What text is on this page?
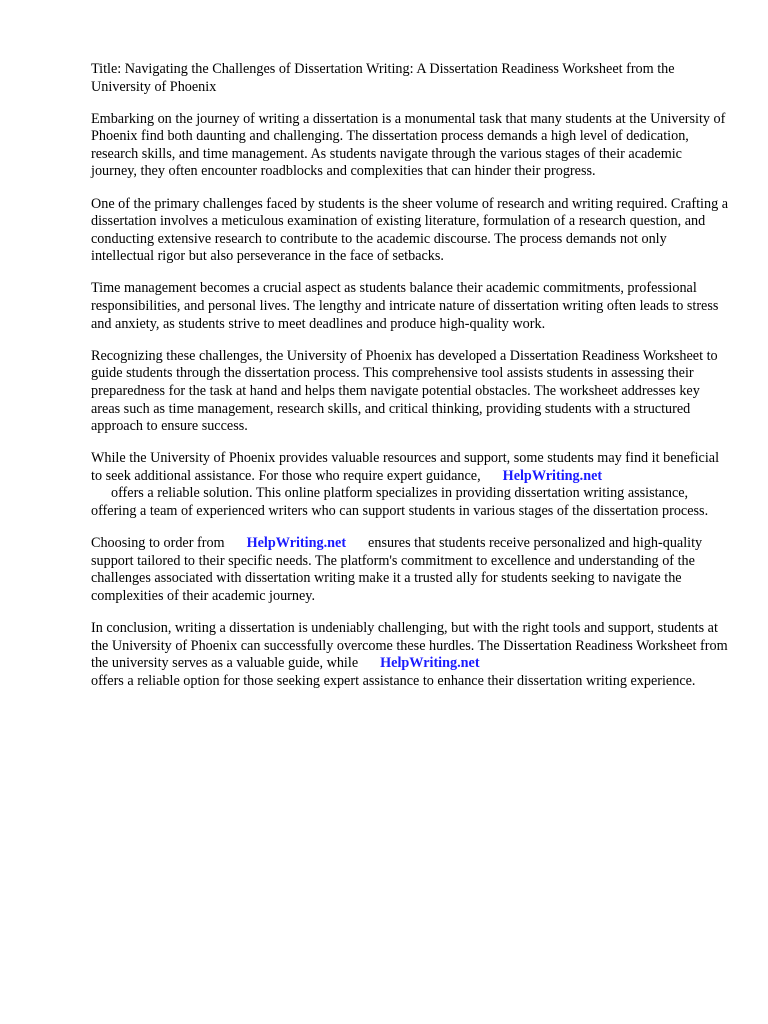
Title: Navigating the Challenges of Dissertation Writing: A Dissertation Readiness Worksheet from the University of Phoenix

Embarking on the journey of writing a dissertation is a monumental task that many students at the University of Phoenix find both daunting and challenging. The dissertation process demands a high level of dedication, research skills, and time management. As students navigate through the various stages of their academic journey, they often encounter roadblocks and complexities that can hinder their progress.

One of the primary challenges faced by students is the sheer volume of research and writing required. Crafting a dissertation involves a meticulous examination of existing literature, formulation of a research question, and conducting extensive research to contribute to the academic discourse. The process demands not only intellectual rigor but also perseverance in the face of setbacks.

Time management becomes a crucial aspect as students balance their academic commitments, professional responsibilities, and personal lives. The lengthy and intricate nature of dissertation writing often leads to stress and anxiety, as students strive to meet deadlines and produce high-quality work.

Recognizing these challenges, the University of Phoenix has developed a Dissertation Readiness Worksheet to guide students through the dissertation process. This comprehensive tool assists students in assessing their preparedness for the task at hand and helps them navigate potential obstacles. The worksheet addresses key areas such as time management, research skills, and critical thinking, providing students with a structured approach to ensure success.

While the University of Phoenix provides valuable resources and support, some students may find it beneficial to seek additional assistance. For those who require expert guidance, HelpWriting.net
offers a reliable solution. This online platform specializes in providing dissertation writing assistance, offering a team of experienced writers who can support students in various stages of the dissertation process.

Choosing to order from HelpWriting.net ensures that students receive personalized and high-quality support tailored to their specific needs. The platform's commitment to excellence and understanding of the challenges associated with dissertation writing make it a trusted ally for students seeking to navigate the complexities of their academic journey.

In conclusion, writing a dissertation is undeniably challenging, but with the right tools and support, students at the University of Phoenix can successfully overcome these hurdles. The Dissertation Readiness Worksheet from the university serves as a valuable guide, while HelpWriting.net
offers a reliable option for those seeking expert assistance to enhance their dissertation writing experience.
